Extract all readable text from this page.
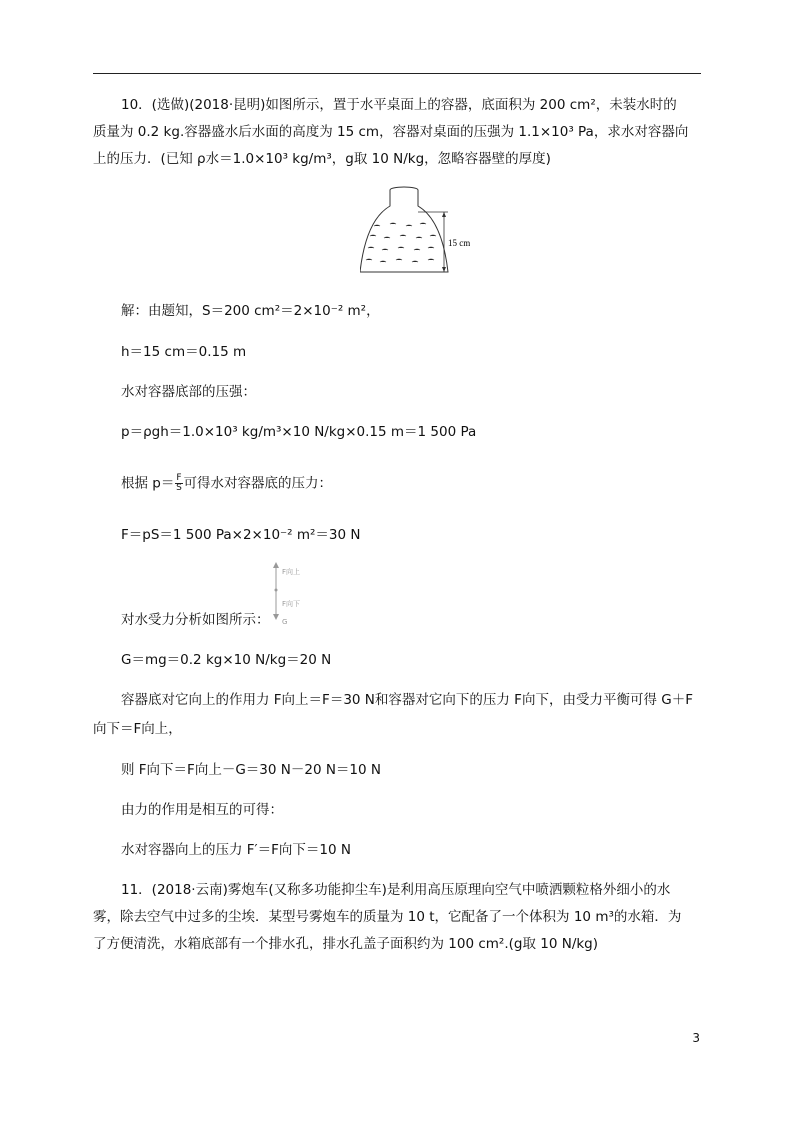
10．(选做)(2018·昆明)如图所示，置于水平桌面上的容器，底面积为 200 cm²，未装水时的
质量为 0.2 kg.容器盛水后水面的高度为 15 cm，容器对桌面的压强为 1.1×10³ Pa，求水对容器向
上的压力．(已知 ρ水＝1.0×10³ kg/m³，g取 10 N/kg，忽略容器壁的厚度)
15 cm
解：由题知，S＝200 cm²＝2×10⁻² m²，
h＝15 cm＝0.15 m
水对容器底部的压强：
p＝ρgh＝1.0×10³ kg/m³×10 N/kg×0.15 m＝1 500 Pa
根据 $p= \frac{F}{S}$ 可得水对容器底的压力：
F＝pS＝1 500 Pa×2×10⁻² m²＝30 N
F向上
F向下
G
对水受力分析如图所示：
G＝mg＝0.2 kg×10 N/kg＝20 N
容器底对它向上的作用力 F向上＝F＝30 N和容器对它向下的压力 F向下，由受力平衡可得 G＋F
向下＝F向上，
则 F向下＝F向上－G＝30 N－20 N＝10 N
由力的作用是相互的可得：
水对容器向上的压力 F′＝F向下＝10 N
11．(2018·云南)雾炮车(又称多功能抑尘车)是利用高压原理向空气中喷洒颗粒格外细小的水
雾，除去空气中过多的尘埃．某型号雾炮车的质量为 10 t，它配备了一个体积为 10 m³的水箱．为
了方便清洗，水箱底部有一个排水孔，排水孔盖子面积约为 100 cm².(g取 10 N/kg)
3
